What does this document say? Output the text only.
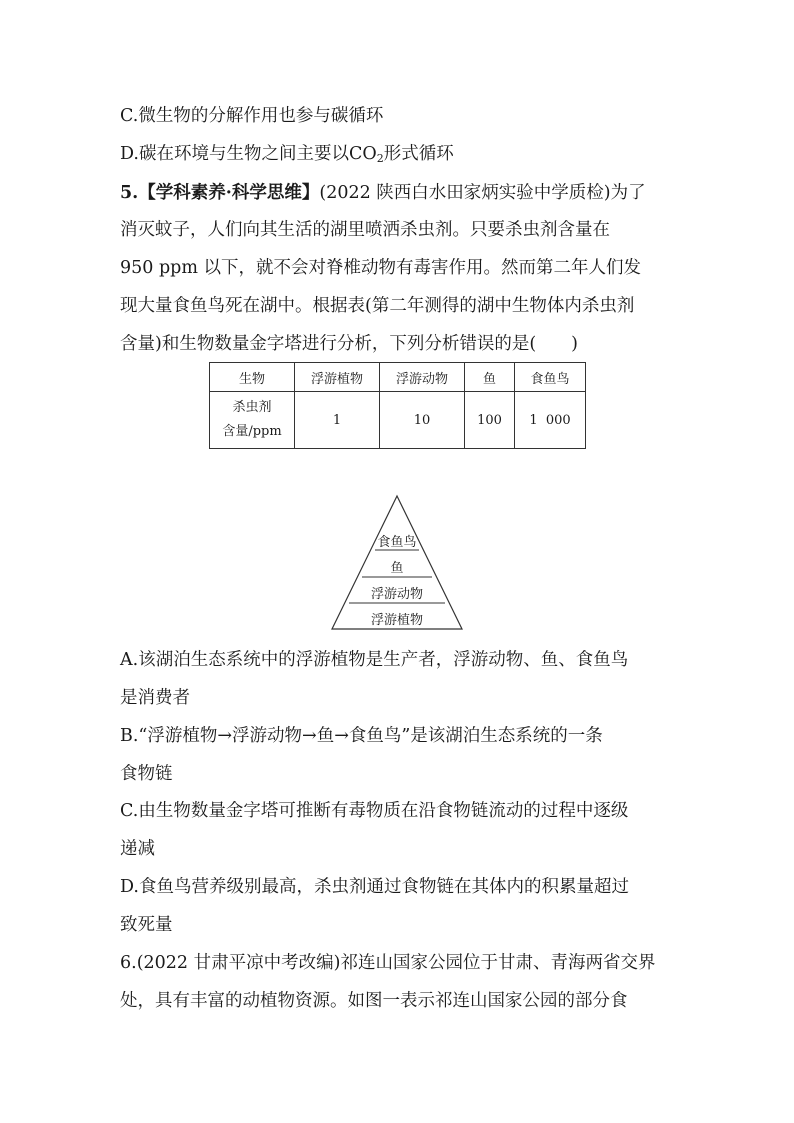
C.微生物的分解作用也参与碳循环
D.碳在环境与生物之间主要以$CO_2$形式循环
5.【学科素养·科学思维】(2022 陕西白水田家炳实验中学质检)为了
消灭蚊子，人们向其生活的湖里喷洒杀虫剂。只要杀虫剂含量在
950 ppm 以下，就不会对脊椎动物有毒害作用。然而第二年人们发
现大量食鱼鸟死在湖中。根据表(第二年测得的湖中生物体内杀虫剂
含量)和生物数量金字塔进行分析，下列分析错误的是(　　)
生物	浮游植物	浮游动物	鱼	食鱼鸟

杀虫剂
含量/ppm	1	10	100	1  000
食鱼鸟
鱼
浮游动物
浮游植物
A.该湖泊生态系统中的浮游植物是生产者，浮游动物、鱼、食鱼鸟
是消费者
B.“浮游植物→浮游动物→鱼→食鱼鸟”是该湖泊生态系统的一条
食物链
C.由生物数量金字塔可推断有毒物质在沿食物链流动的过程中逐级
递减
D.食鱼鸟营养级别最高，杀虫剂通过食物链在其体内的积累量超过
致死量
6.(2022 甘肃平凉中考改编)祁连山国家公园位于甘肃、青海两省交界
处，具有丰富的动植物资源。如图一表示祁连山国家公园的部分食
